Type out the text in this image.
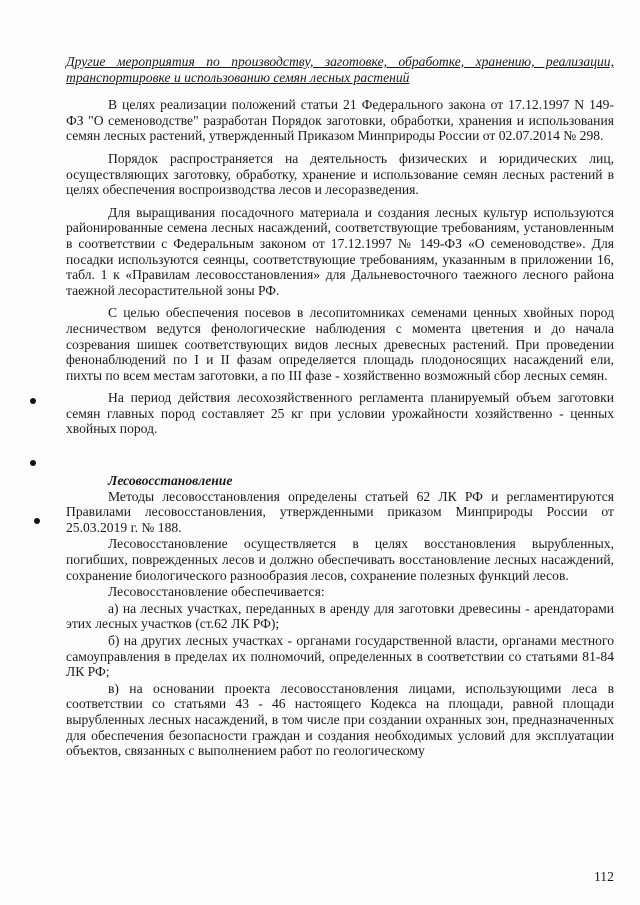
Другие мероприятия по производству, заготовке, обработке, хранению, реализации, транспортировке и использованию семян лесных растений
В целях реализации положений статьи 21 Федерального закона от 17.12.1997 N 149-ФЗ "О семеноводстве" разработан Порядок заготовки, обработки, хранения и использования семян лесных растений, утвержденный Приказом Минприроды России от 02.07.2014 № 298.
Порядок распространяется на деятельность физических и юридических лиц, осуществляющих заготовку, обработку, хранение и использование семян лесных растений в целях обеспечения воспроизводства лесов и лесоразведения.
Для выращивания посадочного материала и создания лесных культур используются районированные семена лесных насаждений, соответствующие требованиям, установленным в соответствии с Федеральным законом от 17.12.1997 № 149-ФЗ «О семеноводстве». Для посадки используются сеянцы, соответствующие требованиям, указанным в приложении 16, табл. 1 к «Правилам лесовосстановления» для Дальневосточного таежного лесного района таежной лесорастительной зоны РФ.
С целью обеспечения посевов в лесопитомниках семенами ценных хвойных пород лесничеством ведутся фенологические наблюдения с момента цветения и до начала созревания шишек соответствующих видов лесных древесных растений. При проведении фенонаблюдений по I и II фазам определяется площадь плодоносящих насаждений ели, пихты по всем местам заготовки, а по III фазе - хозяйственно возможный сбор лесных семян.
На период действия лесохозяйственного регламента планируемый объем заготовки семян главных пород составляет 25 кг при условии урожайности хозяйственно - ценных хвойных пород.
Лесовосстановление
Методы лесовосстановления определены статьей 62 ЛК РФ и регламентируются Правилами лесовосстановления, утвержденными приказом Минприроды России от 25.03.2019 г. № 188.
Лесовосстановление осуществляется в целях восстановления вырубленных, погибших, поврежденных лесов и должно обеспечивать восстановление лесных насаждений, сохранение биологического разнообразия лесов, сохранение полезных функций лесов.
Лесовосстановление обеспечивается:
а) на лесных участках, переданных в аренду для заготовки древесины - арендаторами этих лесных участков (ст.62 ЛК РФ);
б) на других лесных участках - органами государственной власти, органами местного самоуправления в пределах их полномочий, определенных в соответствии со статьями 81-84 ЛК РФ;
в) на основании проекта лесовосстановления лицами, использующими леса в соответствии со статьями 43 - 46 настоящего Кодекса на площади, равной площади вырубленных лесных насаждений, в том числе при создании охранных зон, предназначенных для обеспечения безопасности граждан и создания необходимых условий для эксплуатации объектов, связанных с выполнением работ по геологическому
112
